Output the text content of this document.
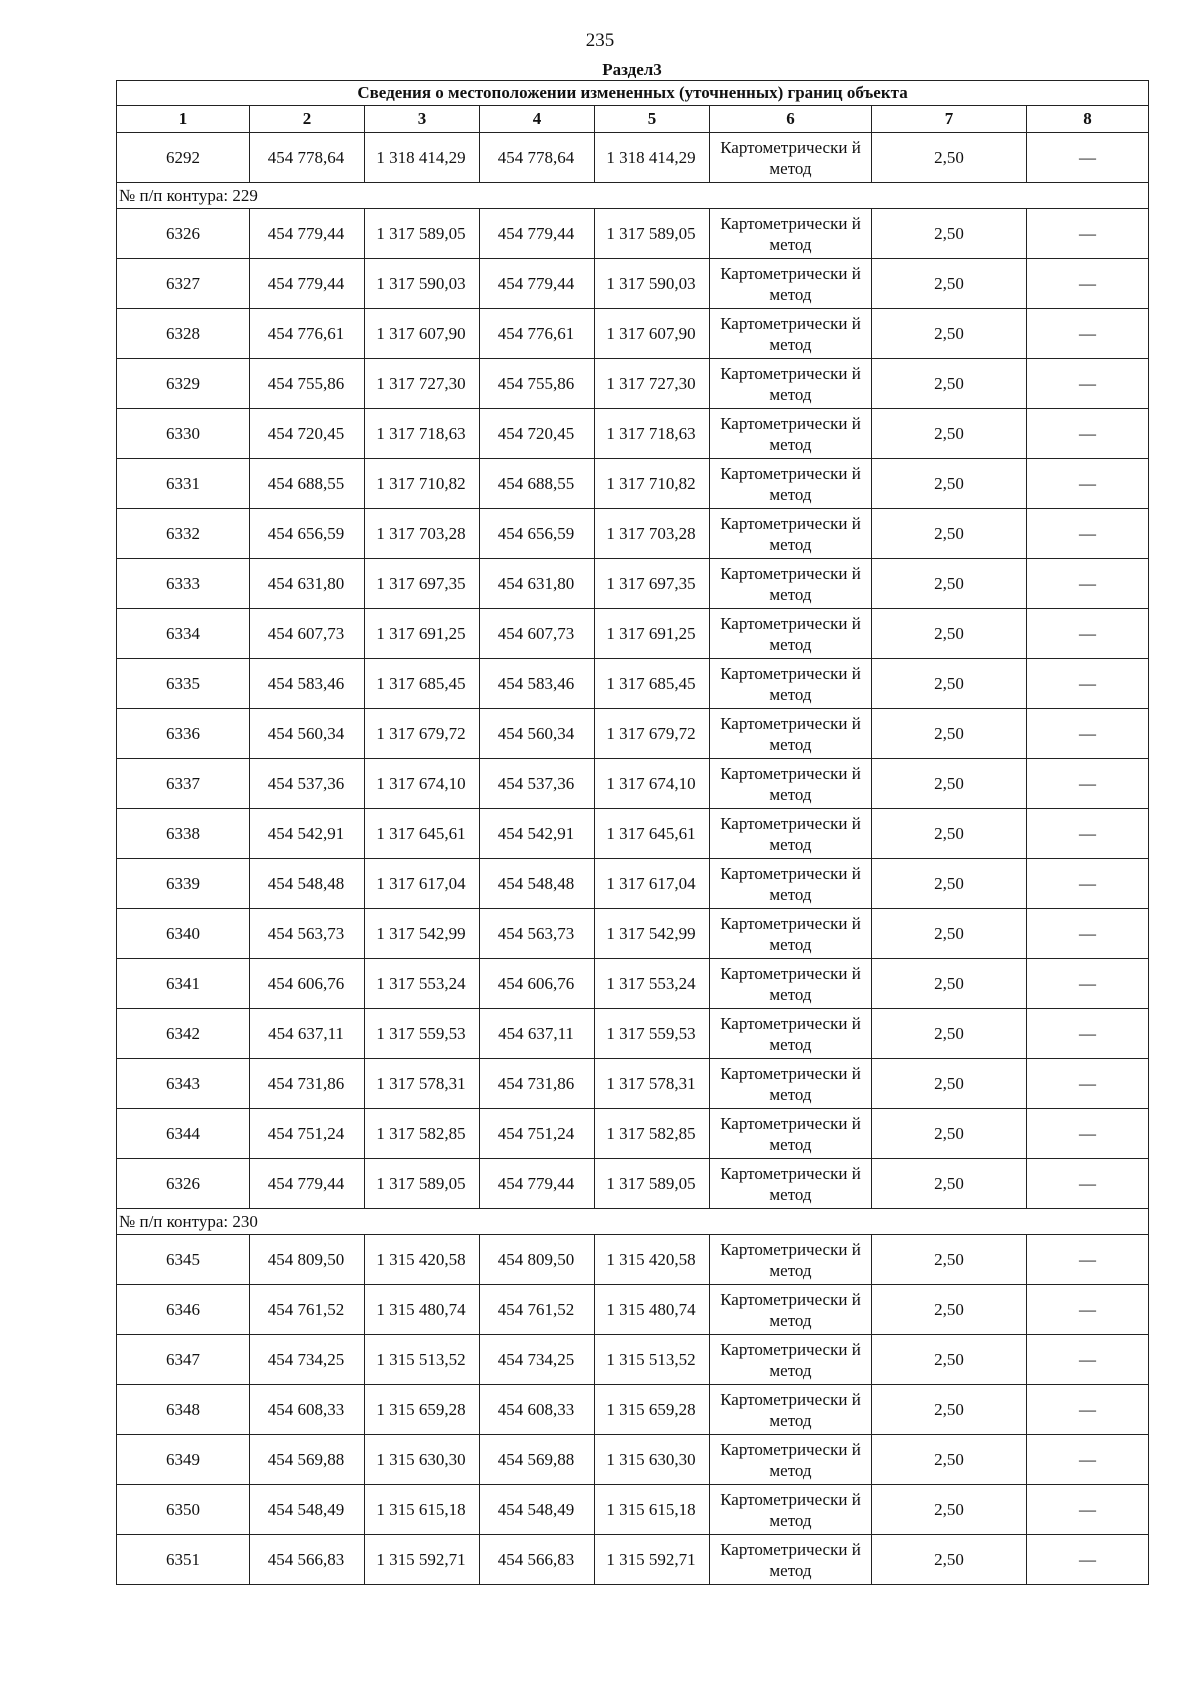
235
Раздел3
Сведения о местоположении измененных (уточненных) границ объекта							
1	2	3	4	5	6	7	8
6292	454 778,64	1 318 414,29	454 778,64	1 318 414,29	Картометрически й метод	2,50	—
№ п/п контура: 229							
6326	454 779,44	1 317 589,05	454 779,44	1 317 589,05	Картометрически й метод	2,50	—
6327	454 779,44	1 317 590,03	454 779,44	1 317 590,03	Картометрически й метод	2,50	—
6328	454 776,61	1 317 607,90	454 776,61	1 317 607,90	Картометрически й метод	2,50	—
6329	454 755,86	1 317 727,30	454 755,86	1 317 727,30	Картометрически й метод	2,50	—
6330	454 720,45	1 317 718,63	454 720,45	1 317 718,63	Картометрически й метод	2,50	—
6331	454 688,55	1 317 710,82	454 688,55	1 317 710,82	Картометрически й метод	2,50	—
6332	454 656,59	1 317 703,28	454 656,59	1 317 703,28	Картометрически й метод	2,50	—
6333	454 631,80	1 317 697,35	454 631,80	1 317 697,35	Картометрически й метод	2,50	—
6334	454 607,73	1 317 691,25	454 607,73	1 317 691,25	Картометрически й метод	2,50	—
6335	454 583,46	1 317 685,45	454 583,46	1 317 685,45	Картометрически й метод	2,50	—
6336	454 560,34	1 317 679,72	454 560,34	1 317 679,72	Картометрически й метод	2,50	—
6337	454 537,36	1 317 674,10	454 537,36	1 317 674,10	Картометрически й метод	2,50	—
6338	454 542,91	1 317 645,61	454 542,91	1 317 645,61	Картометрически й метод	2,50	—
6339	454 548,48	1 317 617,04	454 548,48	1 317 617,04	Картометрически й метод	2,50	—
6340	454 563,73	1 317 542,99	454 563,73	1 317 542,99	Картометрически й метод	2,50	—
6341	454 606,76	1 317 553,24	454 606,76	1 317 553,24	Картометрически й метод	2,50	—
6342	454 637,11	1 317 559,53	454 637,11	1 317 559,53	Картометрически й метод	2,50	—
6343	454 731,86	1 317 578,31	454 731,86	1 317 578,31	Картометрически й метод	2,50	—
6344	454 751,24	1 317 582,85	454 751,24	1 317 582,85	Картометрически й метод	2,50	—
6326	454 779,44	1 317 589,05	454 779,44	1 317 589,05	Картометрически й метод	2,50	—
№ п/п контура: 230							
6345	454 809,50	1 315 420,58	454 809,50	1 315 420,58	Картометрически й метод	2,50	—
6346	454 761,52	1 315 480,74	454 761,52	1 315 480,74	Картометрически й метод	2,50	—
6347	454 734,25	1 315 513,52	454 734,25	1 315 513,52	Картометрически й метод	2,50	—
6348	454 608,33	1 315 659,28	454 608,33	1 315 659,28	Картометрически й метод	2,50	—
6349	454 569,88	1 315 630,30	454 569,88	1 315 630,30	Картометрически й метод	2,50	—
6350	454 548,49	1 315 615,18	454 548,49	1 315 615,18	Картометрически й метод	2,50	—
6351	454 566,83	1 315 592,71	454 566,83	1 315 592,71	Картометрически й метод	2,50	—
